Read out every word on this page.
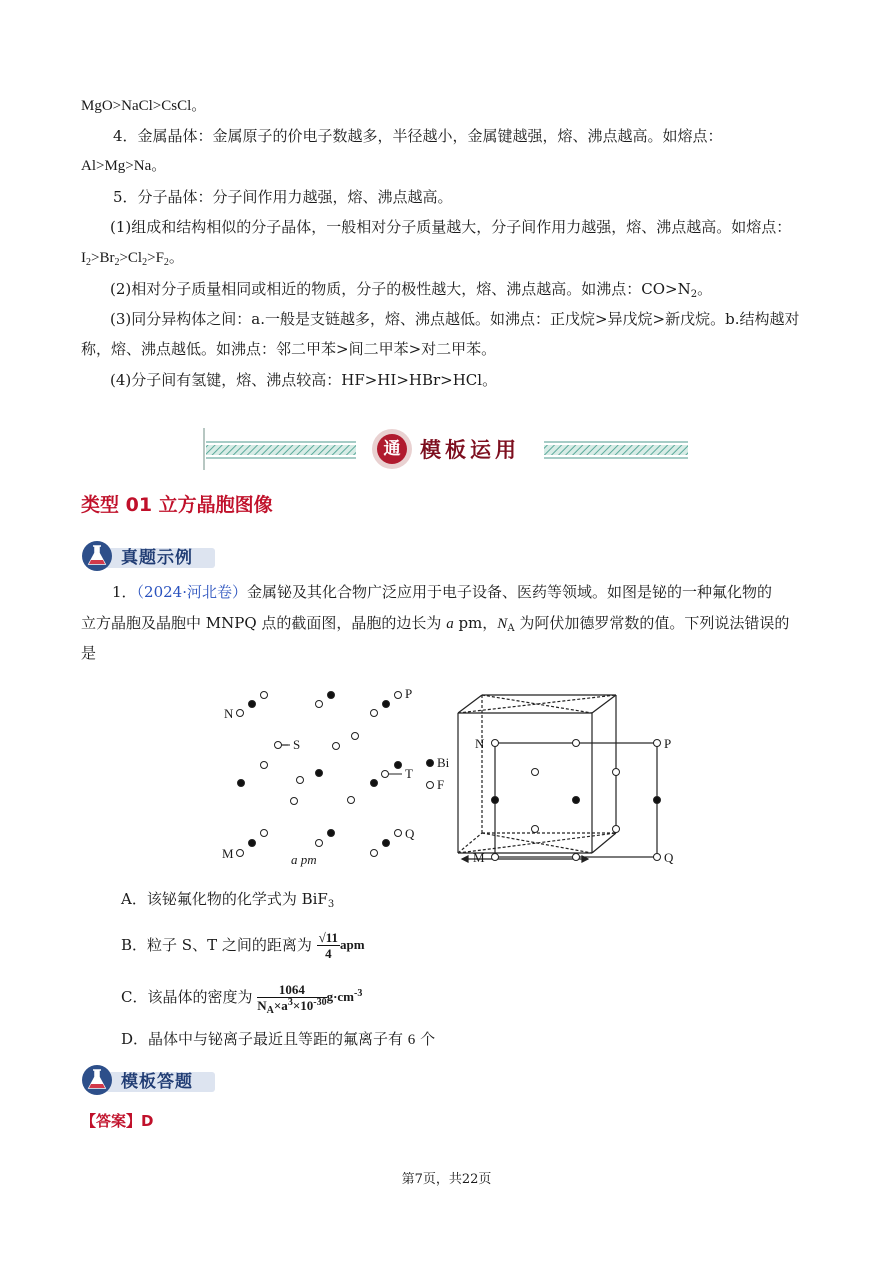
MgO>NaCl>CsCl。
4．金属晶体：金属原子的价电子数越多，半径越小，金属键越强，熔、沸点越高。如熔点：
Al>Mg>Na。
5．分子晶体：分子间作用力越强，熔、沸点越高。
(1)组成和结构相似的分子晶体，一般相对分子质量越大，分子间作用力越强，熔、沸点越高。如熔点：
$I_2>Br_2>Cl_2>F_2$。
(2)相对分子质量相同或相近的物质，分子的极性越大，熔、沸点越高。如沸点：$CO>N_2$。
(3)同分异构体之间：a.一般是支链越多，熔、沸点越低。如沸点：正戊烷>异戊烷>新戊烷。b.结构越对
称，熔、沸点越低。如沸点：邻二甲苯>间二甲苯>对二甲苯。
(4)分子间有氢键，熔、沸点较高：HF>HI>HBr>HCl。
通 模板运用
类型 01 立方晶胞图像
真题示例
1．（2024·河北卷）金属铋及其化合物广泛应用于电子设备、医药等领域。如图是铋的一种氟化物的
立方晶胞及晶胞中 MNPQ 点的截面图，晶胞的边长为 a pm，$N_A$ 为阿伏加德罗常数的值。下列说法错误的
是
N
P
M
Q
S
T
a pm
Bi
F
N	P
M	Q
A．该铋氟化物的化学式为 BiF$_3$
B．粒子 S、T 之间的距离为 $\frac{√11}{4}$ apm
C．该晶体的密度为 $\frac{1064}{N_A\times a^3\times 10^{-30}} g\cdot cm^{-3}$
D．晶体中与铋离子最近且等距的氟离子有 6 个
模板答题
【答案】D
第7页，共22页
